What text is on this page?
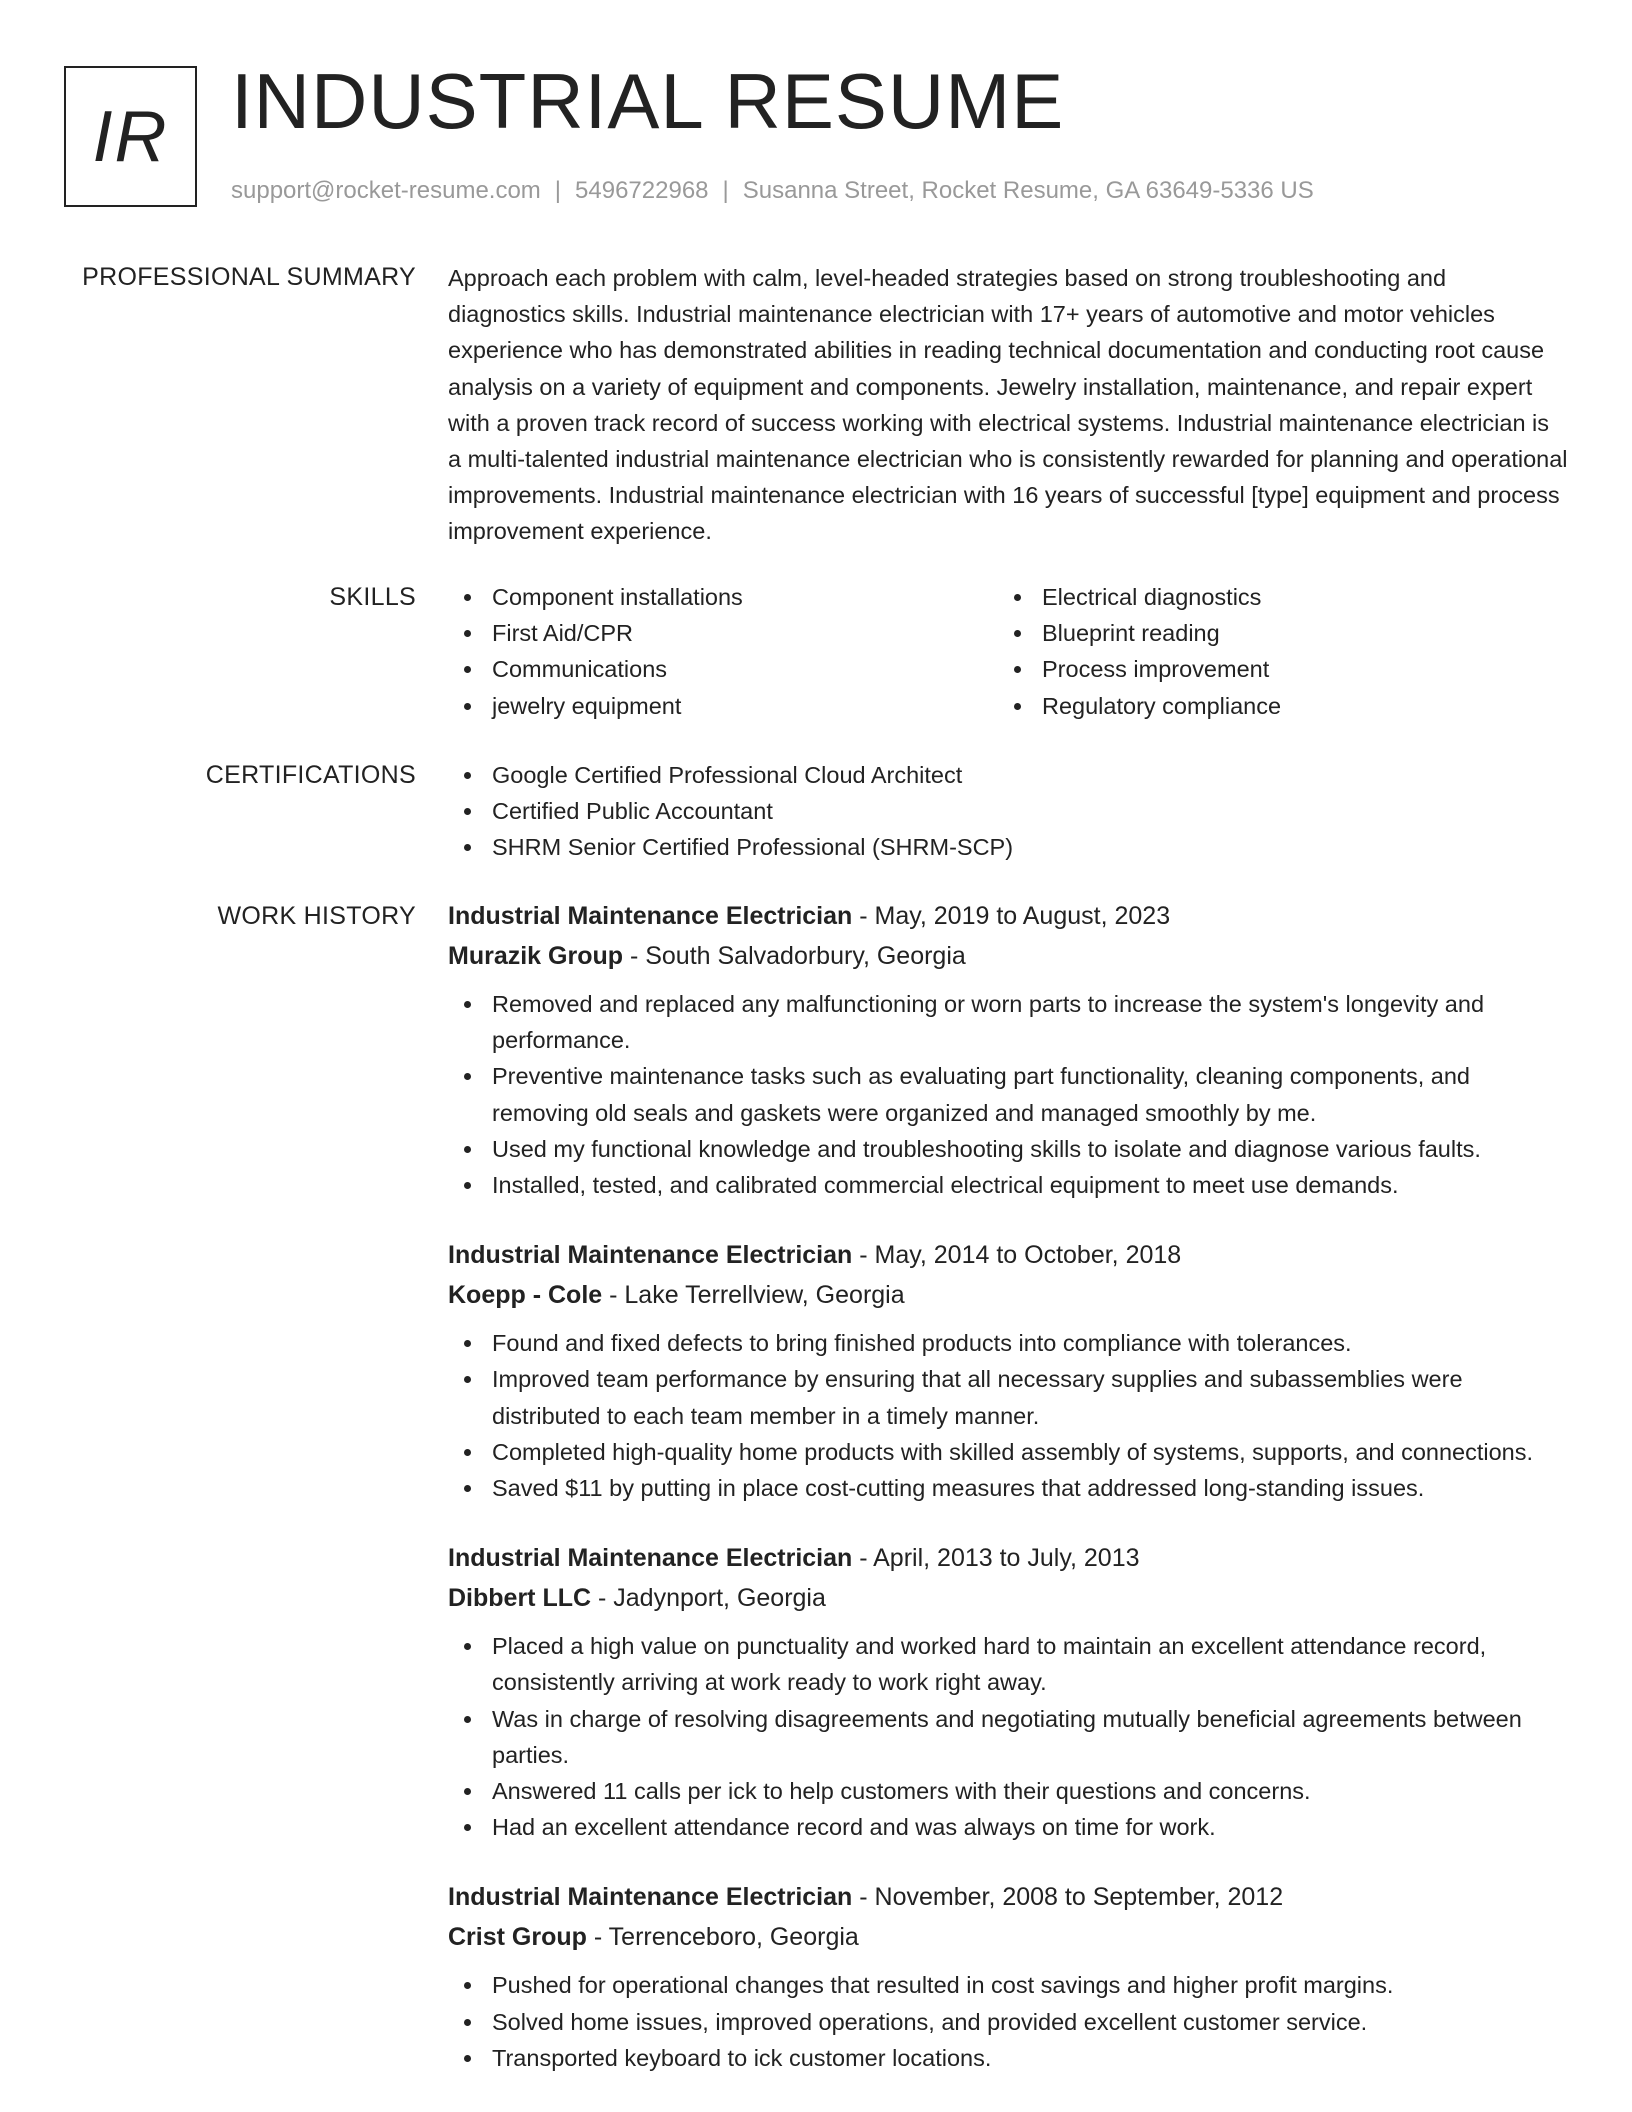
IR INDUSTRIAL RESUME
support@rocket-resume.com | 5496722968 | Susanna Street, Rocket Resume, GA 63649-5336 US
PROFESSIONAL SUMMARY Approach each problem with calm, level-headed strategies based on strong troubleshooting and diagnostics skills. Industrial maintenance electrician with 17+ years of automotive and motor vehicles experience who has demonstrated abilities in reading technical documentation and conducting root cause analysis on a variety of equipment and components. Jewelry installation, maintenance, and repair expert with a proven track record of success working with electrical systems. Industrial maintenance electrician is a multi-talented industrial maintenance electrician who is consistently rewarded for planning and operational improvements. Industrial maintenance electrician with 16 years of successful [type] equipment and process improvement experience.

SKILLS	Component installations
First Aid/CPR
Communications
jewelry equipment
Electrical diagnostics
Blueprint reading
Process improvement
Regulatory compliance
CERTIFICATIONS	Google Certified Professional Cloud Architect
Certified Public Accountant
SHRM Senior Certified Professional (SHRM-SCP)
WORK HISTORY Industrial Maintenance Electrician - May, 2019 to August, 2023
Murazik Group - South Salvadorbury, Georgia
Removed and replaced any malfunctioning or worn parts to increase the system's longevity and performance.
Preventive maintenance tasks such as evaluating part functionality, cleaning components, and removing old seals and gaskets were organized and managed smoothly by me.
Used my functional knowledge and troubleshooting skills to isolate and diagnose various faults.
Installed, tested, and calibrated commercial electrical equipment to meet use demands.
Industrial Maintenance Electrician - May, 2014 to October, 2018
Koepp - Cole - Lake Terrellview, Georgia
Found and fixed defects to bring finished products into compliance with tolerances.
Improved team performance by ensuring that all necessary supplies and subassemblies were distributed to each team member in a timely manner.
Completed high-quality home products with skilled assembly of systems, supports, and connections.
Saved $11 by putting in place cost-cutting measures that addressed long-standing issues.
Industrial Maintenance Electrician - April, 2013 to July, 2013
Dibbert LLC - Jadynport, Georgia
Placed a high value on punctuality and worked hard to maintain an excellent attendance record, consistently arriving at work ready to work right away.
Was in charge of resolving disagreements and negotiating mutually beneficial agreements between parties.
Answered 11 calls per ick to help customers with their questions and concerns.
Had an excellent attendance record and was always on time for work.
Industrial Maintenance Electrician - November, 2008 to September, 2012
Crist Group - Terrenceboro, Georgia
Pushed for operational changes that resulted in cost savings and higher profit margins.
Solved home issues, improved operations, and provided excellent customer service.
Transported keyboard to ick customer locations.
